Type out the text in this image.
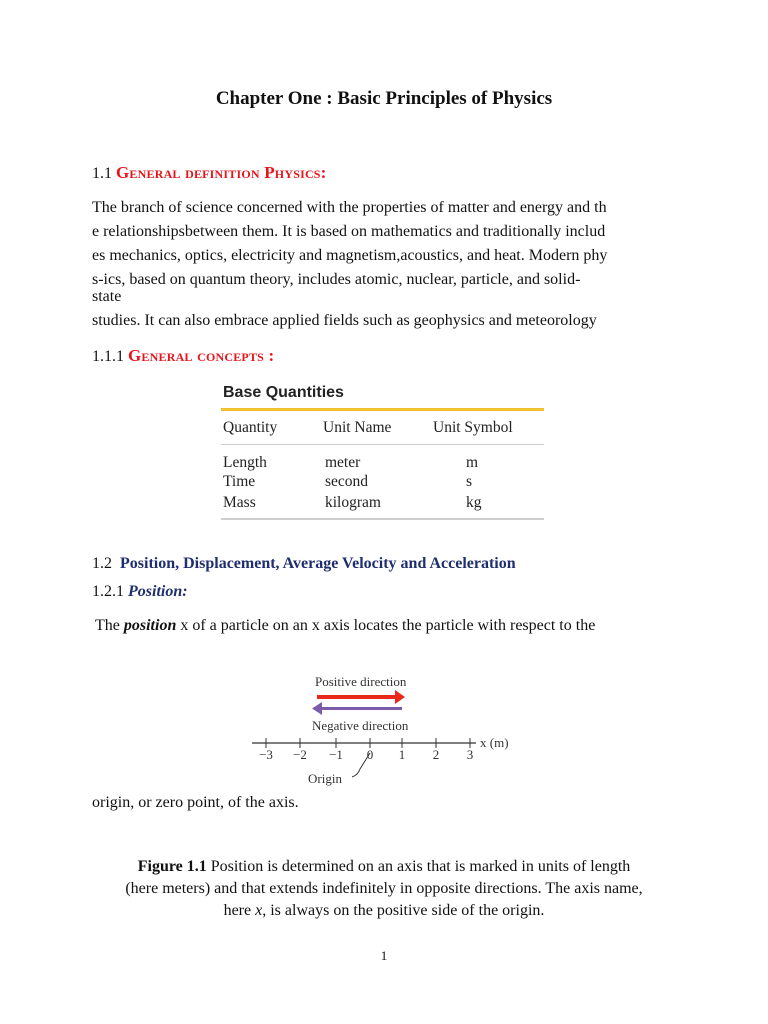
Chapter One : Basic Principles of Physics
1.1 General definition Physics:
The branch of science concerned with the properties of matter and energy and th
e relationshipsbetween them. It is based on mathematics and traditionally includ
es mechanics, optics, electricity and magnetism,acoustics, and heat. Modern phy
s-ics, based on quantum theory, includes atomic, nuclear, particle, and solid-
state
studies. It can also embrace applied fields such as geophysics and meteorology
1.1.1 General concepts :
Base Quantities
Quantity	Unit Name	Unit Symbol
Length	meter	m
Time	second	s
Mass	kilogram	kg
1.2 Position, Displacement, Average Velocity and Acceleration
1.2.1 Position:
The position x of a particle on an x axis locates the particle with respect to the
Positive direction
Negative direction
−3 −2 −1 0 1 2 3
x (m)
Origin
origin, or zero point, of the axis.
Figure 1.1 Position is determined on an axis that is marked in units of length
(here meters) and that extends indefinitely in opposite directions. The axis name,
here x, is always on the positive side of the origin.
1
